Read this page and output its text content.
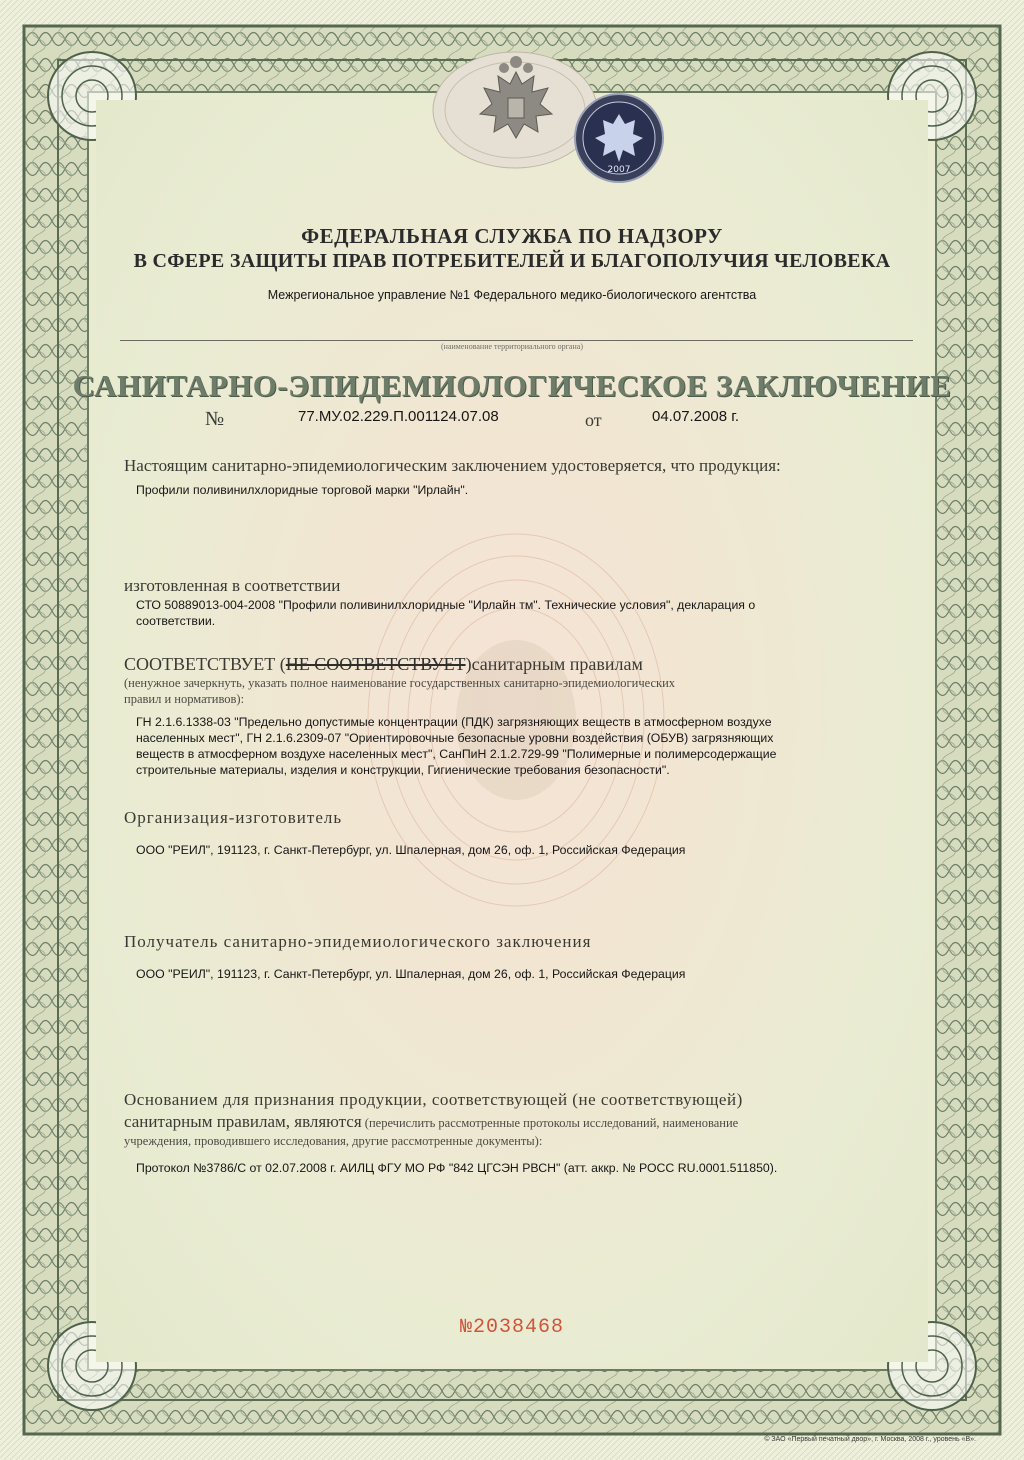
2007
ФЕДЕРАЛЬНАЯ СЛУЖБА ПО НАДЗОРУ
В СФЕРЕ ЗАЩИТЫ ПРАВ ПОТРЕБИТЕЛЕЙ И БЛАГОПОЛУЧИЯ ЧЕЛОВЕКА
Межрегиональное управление №1 Федерального медико-биологического агентства
(наименование территориального органа)
САНИТАРНО-ЭПИДЕМИОЛОГИЧЕСКОЕ ЗАКЛЮЧЕНИЕ
№	77.МУ.02.229.П.001124.07.08	от	04.07.2008 г.
Настоящим санитарно-эпидемиологическим заключением удостоверяется, что продукция:
Профили поливинилхлоридные торговой марки "Ирлайн".
изготовленная в соответствии
СТО 50889013-004-2008 "Профили поливинилхлоридные "Ирлайн тм". Технические условия", декларация о
соответствии.
СООТВЕТСТВУЕТ (НЕ СООТВЕТСТВУЕТ)санитарным правилам
(ненужное зачеркнуть, указать полное наименование государственных санитарно-эпидемиологических
правил и нормативов):
ГН 2.1.6.1338-03 "Предельно допустимые концентрации (ПДК) загрязняющих веществ в атмосферном воздухе
населенных мест", ГН 2.1.6.2309-07 "Ориентировочные безопасные уровни воздействия (ОБУВ) загрязняющих
веществ в атмосферном воздухе населенных мест", СанПиН 2.1.2.729-99 "Полимерные и полимерсодержащие
строительные материалы, изделия и конструкции, Гигиенические требования безопасности".
Организация-изготовитель
ООО "РЕИЛ", 191123, г. Санкт-Петербург, ул. Шпалерная, дом 26, оф. 1, Российская Федерация
Получатель санитарно-эпидемиологического заключения
ООО "РЕИЛ", 191123, г. Санкт-Петербург, ул. Шпалерная, дом 26, оф. 1, Российская Федерация
Основанием для признания продукции, соответствующей (не соответствующей)
санитарным правилам, являются (перечислить рассмотренные протоколы исследований, наименование
учреждения, проводившего исследования, другие рассмотренные документы):
Протокол №3786/С от 02.07.2008 г. АИЛЦ ФГУ МО РФ "842 ЦГСЭН РВСН" (атт. аккр. № РОСС RU.0001.511850).
№2038468
© ЗАО «Первый печатный двор», г. Москва, 2008 г., уровень «В».
